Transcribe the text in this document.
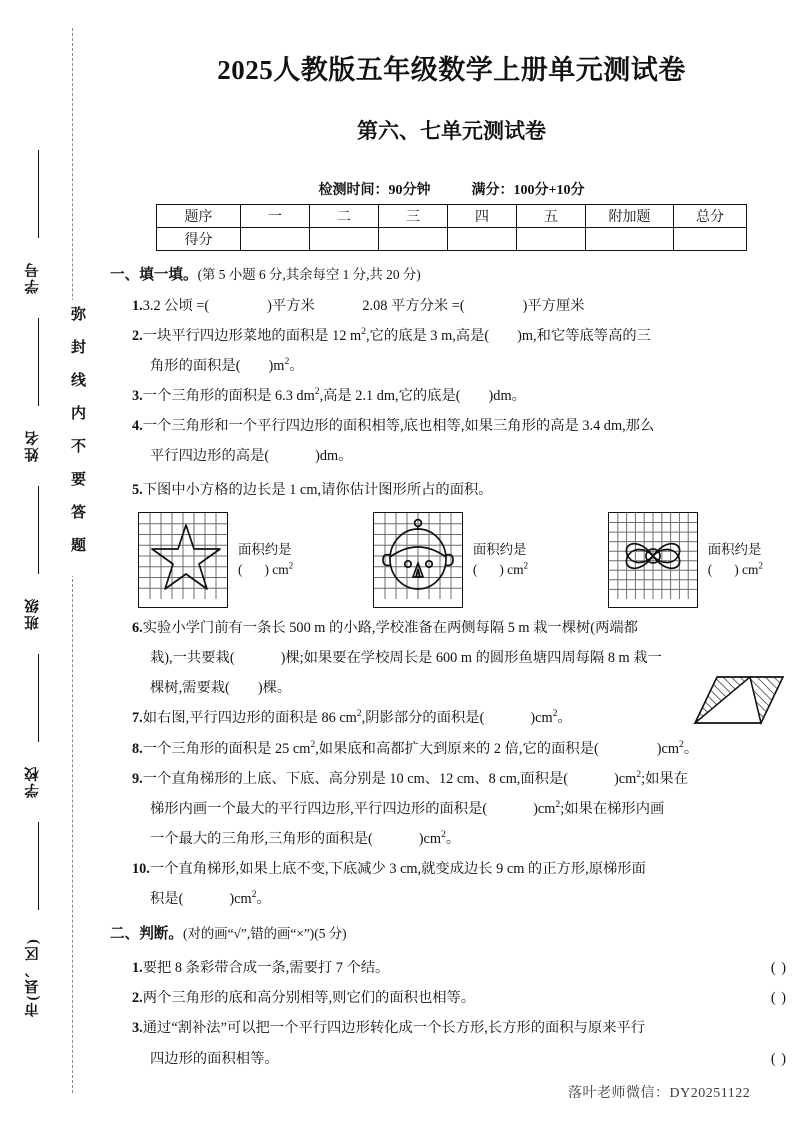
学号
姓名
班级
学校
市(县、区)
弥封线内不要答题
2025人教版五年级数学上册单元测试卷
第六、七单元测试卷
检测时间：90分钟	满分：100分+10分
题序	一	二	三	四	五	附加题	总分
得分							
一、填一填。(第 5 小题 6 分,其余每空 1 分,共 20 分)
1.3.2 公顷 =(	)平方米	2.08 平方分米 =(	)平方厘米
2.一块平行四边形菜地的面积是 12 $m^2$,它的底是 3 m,高是( )m,和它等底等高的三
角形的面积是( )$m^2$。
3.一个三角形的面积是 6.3 $dm^2$,高是 2.1 dm,它的底是( )dm。
4.一个三角形和一个平行四边形的面积相等,底也相等,如果三角形的高是 3.4 dm,那么
平行四边形的高是(	)dm。
5.下图中小方格的边长是 1 cm,请你估计图形所占的面积。
面积约是
( ) $cm^2$
面积约是
( ) $cm^2$
面积约是
( ) $cm^2$
6.实验小学门前有一条长 500 m 的小路,学校准备在两侧每隔 5 m 栽一棵树(两端都
栽),一共要栽(	)棵;如果要在学校周长是 600 m 的圆形鱼塘四周每隔 8 m 栽一
棵树,需要栽( )棵。
7.如右图,平行四边形的面积是 86 $cm^2$,阴影部分的面积是(	)$cm^2$。
8.一个三角形的面积是 25 $cm^2$,如果底和高都扩大到原来的 2 倍,它的面积是(	)$cm^2$。
9.一个直角梯形的上底、下底、高分别是 10 cm、12 cm、8 cm,面积是(	)$cm^2$;如果在
梯形内画一个最大的平行四边形,平行四边形的面积是(	)$cm^2$;如果在梯形内画
一个最大的三角形,三角形的面积是(	)$cm^2$。
10.一个直角梯形,如果上底不变,下底减少 3 cm,就变成边长 9 cm 的正方形,原梯形面
积是(	)$cm^2$。
二、判断。(对的画“√”,错的画“×”)(5 分)
1.要把 8 条彩带合成一条,需要打 7 个结。	( )
2.两个三角形的底和高分别相等,则它们的面积也相等。	( )
3.通过“割补法”可以把一个平行四边形转化成一个长方形,长方形的面积与原来平行
四边形的面积相等。	( )
落叶老师微信：DY20251122
